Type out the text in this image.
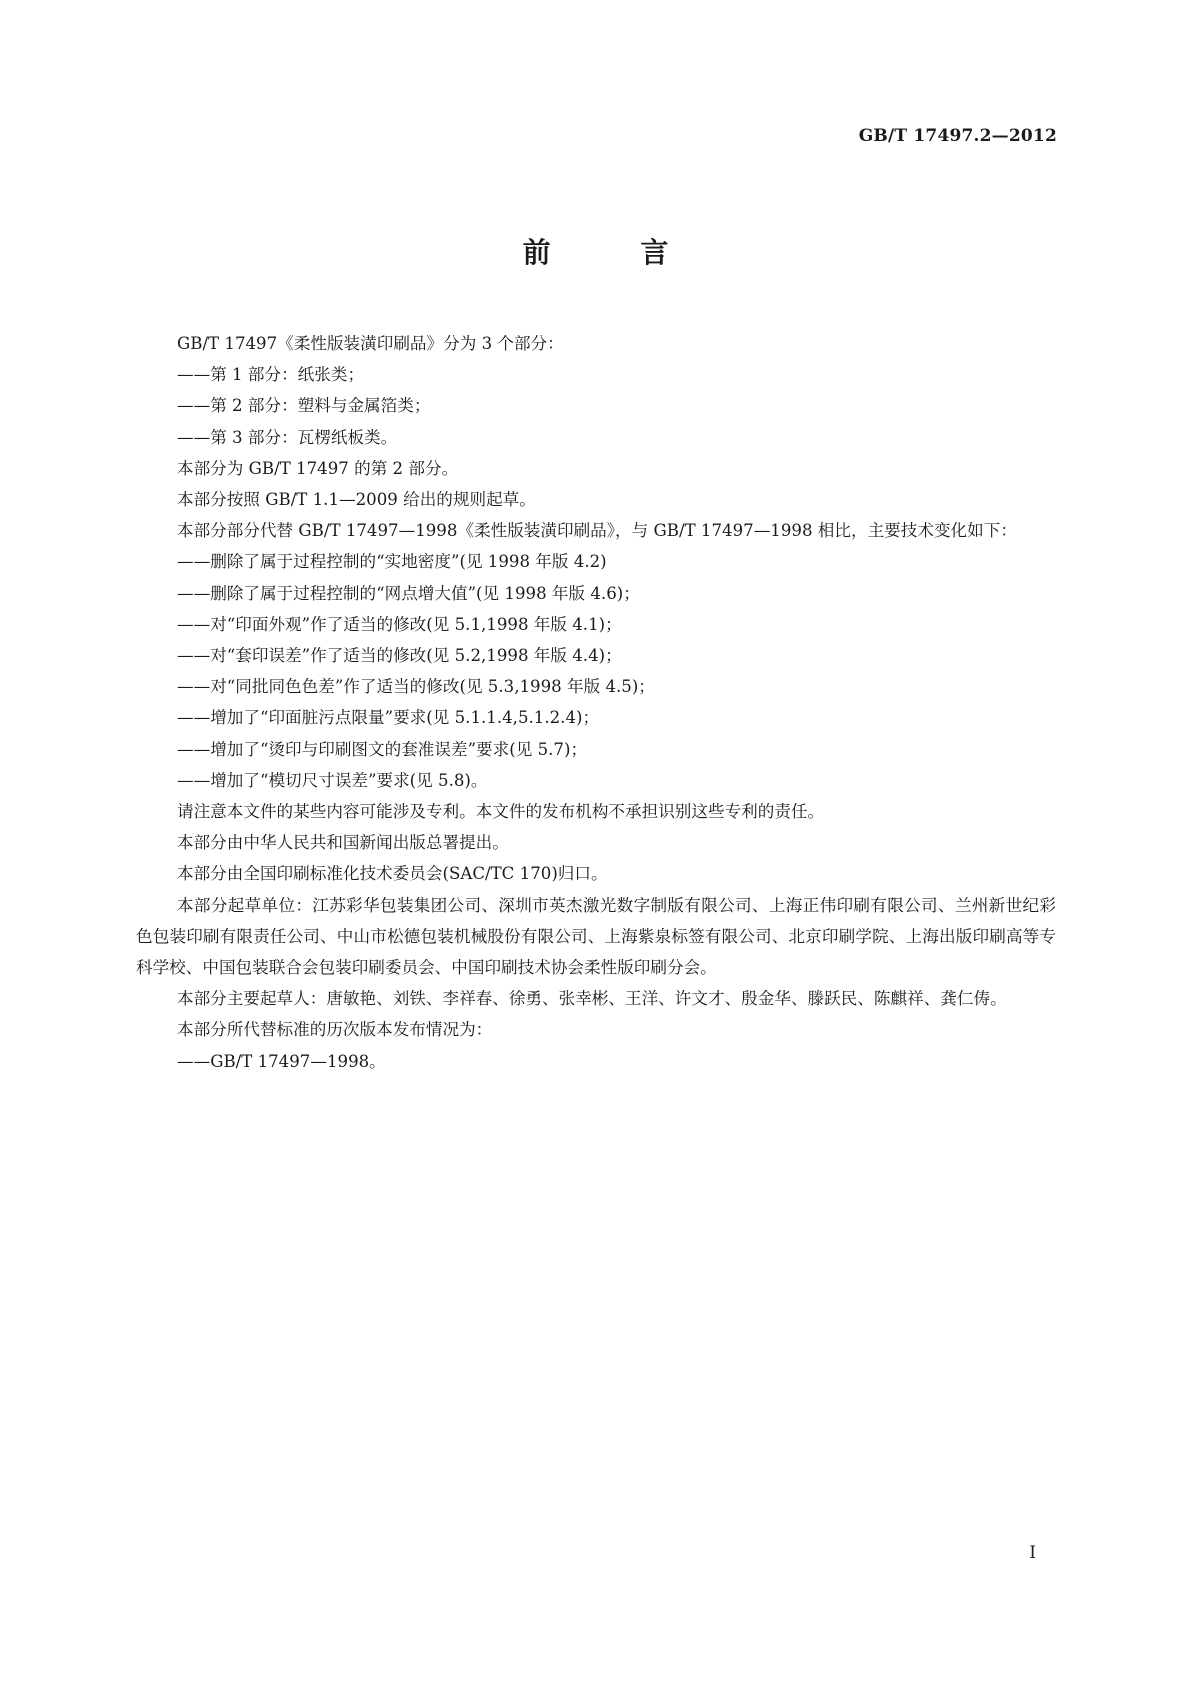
GB/T 17497.2—2012
前 言

GB/T 17497《柔性版装潢印刷品》分为 3 个部分：

——第 1 部分：纸张类；

——第 2 部分：塑料与金属箔类；

——第 3 部分：瓦楞纸板类。

本部分为 GB/T 17497 的第 2 部分。

本部分按照 GB/T 1.1—2009 给出的规则起草。

本部分部分代替 GB/T 17497—1998《柔性版装潢印刷品》，与 GB/T 17497—1998 相比，主要技术变化如下：

——删除了属于过程控制的“实地密度”(见 1998 年版 4.2)

——删除了属于过程控制的“网点增大值”(见 1998 年版 4.6)；

——对“印面外观”作了适当的修改(见 5.1,1998 年版 4.1)；

——对“套印误差”作了适当的修改(见 5.2,1998 年版 4.4)；

——对“同批同色色差”作了适当的修改(见 5.3,1998 年版 4.5)；

——增加了“印面脏污点限量”要求(见 5.1.1.4,5.1.2.4)；

——增加了“烫印与印刷图文的套准误差”要求(见 5.7)；

——增加了“模切尺寸误差”要求(见 5.8)。

请注意本文件的某些内容可能涉及专利。本文件的发布机构不承担识别这些专利的责任。

本部分由中华人民共和国新闻出版总署提出。

本部分由全国印刷标准化技术委员会(SAC/TC 170)归口。

本部分起草单位：江苏彩华包装集团公司、深圳市英杰激光数字制版有限公司、上海正伟印刷有限公司、兰州新世纪彩色包装印刷有限责任公司、中山市松德包装机械股份有限公司、上海紫泉标签有限公司、北京印刷学院、上海出版印刷高等专科学校、中国包装联合会包装印刷委员会、中国印刷技术协会柔性版印刷分会。

本部分主要起草人：唐敏艳、刘铁、李祥春、徐勇、张幸彬、王洋、许文才、殷金华、滕跃民、陈麒祥、龚仁俦。

本部分所代替标准的历次版本发布情况为：

——GB/T 17497—1998。

I
